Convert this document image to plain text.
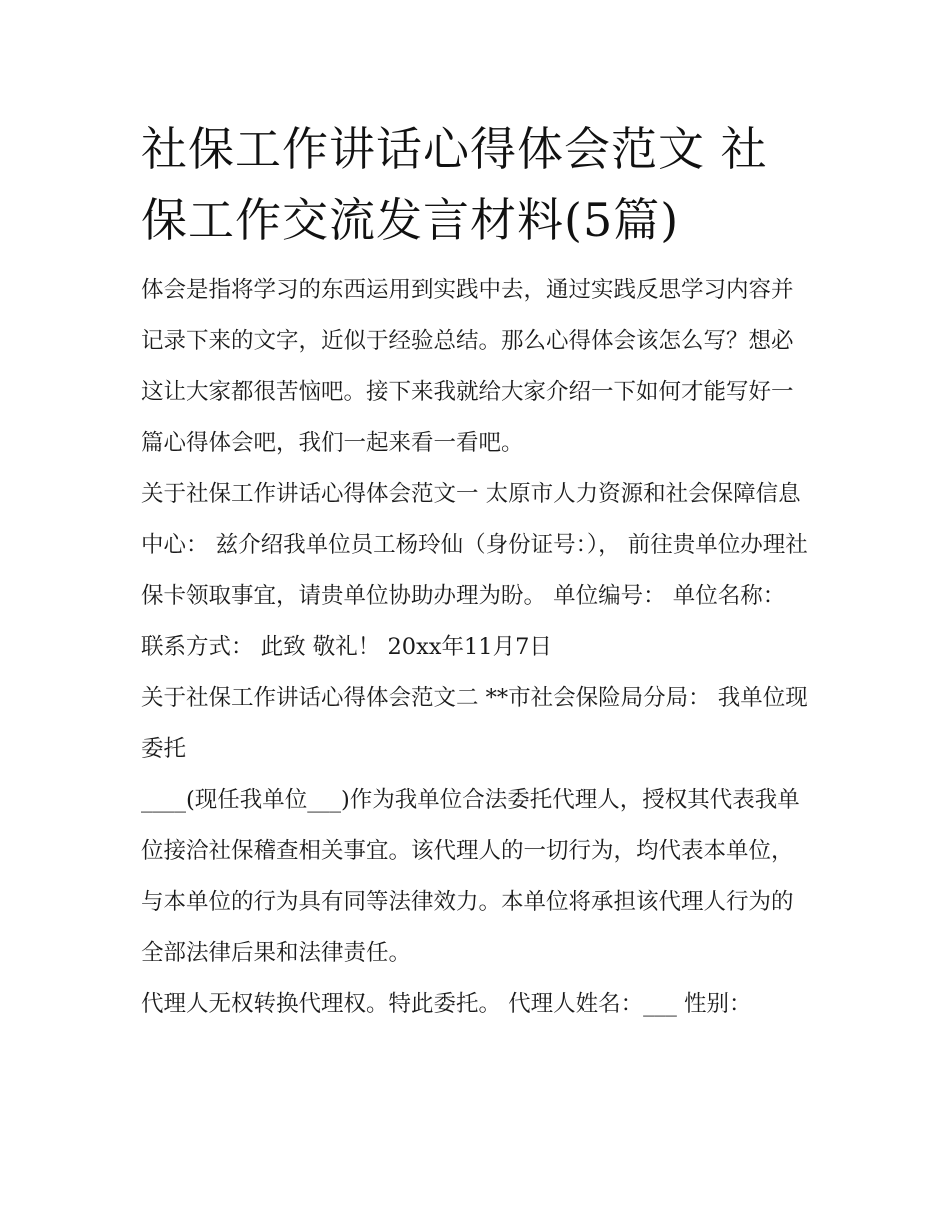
社保工作讲话心得体会范文 社保工作交流发言材料(5篇)

体会是指将学习的东西运用到实践中去，通过实践反思学习内容并记录下来的文字，近似于经验总结。那么心得体会该怎么写？想必这让大家都很苦恼吧。接下来我就给大家介绍一下如何才能写好一篇心得体会吧，我们一起来看一看吧。

关于社保工作讲话心得体会范文一 太原市人力资源和社会保障信息中心： 兹介绍我单位员工杨玲仙（身份证号：）， 前往贵单位办理社保卡领取事宜，请贵单位协助办理为盼。 单位编号： 单位名称： 联系方式： 此致 敬礼！ 20xx年11月7日

关于社保工作讲话心得体会范文二 **市社会保险局分局： 我单位现委托

____(现任我单位___)作为我单位合法委托代理人，授权其代表我单位接洽社保稽查相关事宜。该代理人的一切行为，均代表本单位，与本单位的行为具有同等法律效力。本单位将承担该代理人行为的全部法律后果和法律责任。

代理人无权转换代理权。特此委托。 代理人姓名：___ 性别：
